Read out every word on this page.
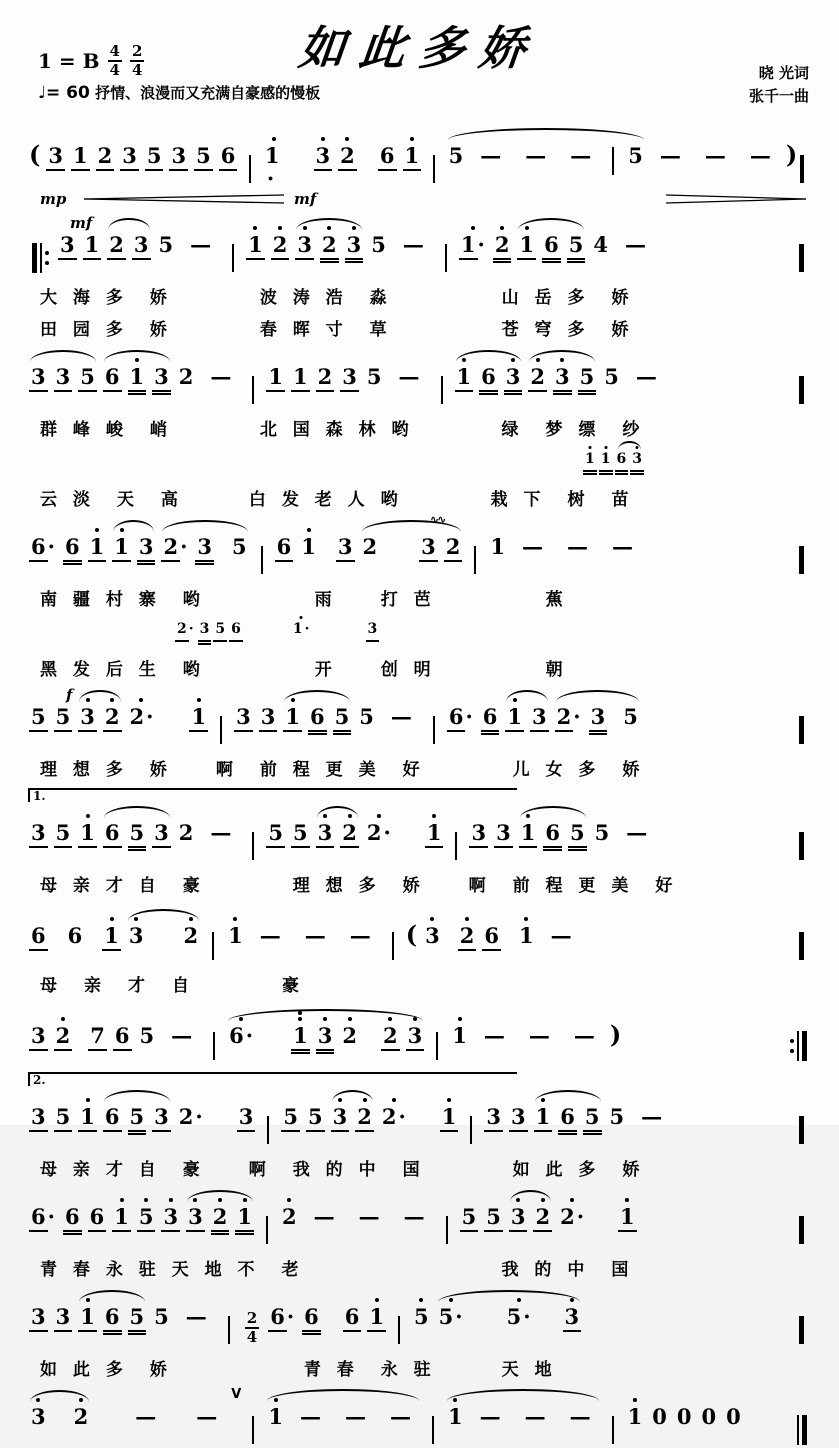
如此多娇
1 = B 4
4
2
4
♩= 60 抒情、浪漫而又充满自豪感的慢板
晓 光词
张千一曲
( 3 1 2 3 5 3 5 6 1·
3 2 6 1 5 — — — 5 — — — )
mp	mf
mf
3 1 2 3 5 — 1 2 3 2 3 5 — 1· 2 1 6 5 4 —
大 海 多　娇　　　　波 涛 浩　淼　　　　　山 岳 多　娇
田 园 多　娇　　　　春 晖 寸　草　　　　　苍 穹 多　娇
3 3 5 6 1 3 2 — 1 1 2 3 5 — 1 6 3 2 3 5 5 —
群 峰 峻　峭　　　　北 国 森 林 哟　　　　绿　梦 缥　纱
1 1 6 3
云 淡　天　高　　　白 发 老 人 哟　　　　栽 下　树　苗
6· 6 1 1 3 2· 3 5 6 1 3 2 3
∿∿
2 1 — — —
南 疆 村 寨　哟　　　　　雨　　打 芭　　　　　蕉
2 · 3 5 6	1 ·	3
黑 发 后 生　哟　　　　　开　　创 明　　　　　朝
f
5 5 3 2 2· 1 3 3 1 6 5 5 — 6· 6 1 3 2· 3 5
理 想 多　娇　　啊　前 程 更 美　好　　　　儿 女 多　娇
1.
3 5 1 6 5 3 2 — 5 5 3 2 2· 1 3 3 1 6 5 5 —
母 亲 才 自　豪　　　　理 想 多　娇　　啊　前 程 更 美　好
6 6 1 3 2 1 — — — ( 3 2 6 1 —
母　亲　才　自　　　　豪
3 2 7 6 5 — 6· 1 3 2 2 3 1 — — — )
2.
3 5 1 6 5 3 2· 3 5 5 3 2 2· 1 3 3 1 6 5 5 —
母 亲 才 自　豪　　啊　我 的 中　国　　　　如 此 多　娇
6· 6 6 1 5 3 3 2 1 2 — — — 5 5 3 2 2· 1
青 春 永 驻 天 地 不　老　　　　　　　　　我 的 中　国
3 3 1 6 5 5 —	$\frac{2}{4} 6\cdot 6$ 6 1 5 5· 5· 3
如 此 多　娇　　　　　　青 春　永 驻　　　天 地
3 2 — —
V
1 — — — 1 — — — 1 0 0 0 0
